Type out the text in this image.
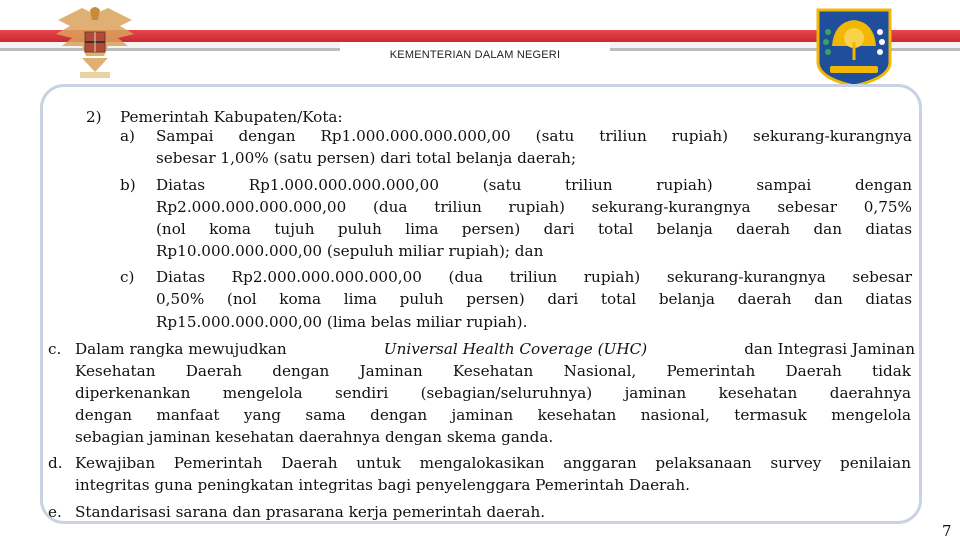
KEMENTERIAN DALAM NEGERI
2) Pemerintah Kabupaten/Kota:
a) Sampai dengan Rp1.000.000.000.000,00 (satu triliun rupiah) sekurang-kurangnya
sebesar 1,00% (satu persen) dari total belanja daerah;
b) Diatas Rp1.000.000.000.000,00 (satu triliun rupiah) sampai dengan
Rp2.000.000.000.000,00 (dua triliun rupiah) sekurang-kurangnya sebesar 0,75%
(nol koma tujuh puluh lima persen) dari total belanja daerah dan diatas
Rp10.000.000.000,00 (sepuluh miliar rupiah); dan
c) Diatas Rp2.000.000.000.000,00 (dua triliun rupiah) sekurang-kurangnya sebesar
0,50% (nol koma lima puluh persen) dari total belanja daerah dan diatas
Rp15.000.000.000,00 (lima belas miliar rupiah).
c. Dalam rangka mewujudkan	Universal Health Coverage (UHC)	dan Integrasi Jaminan
Kesehatan Daerah dengan Jaminan Kesehatan Nasional, Pemerintah Daerah tidak
diperkenankan mengelola sendiri (sebagian/seluruhnya) jaminan kesehatan daerahnya
dengan manfaat yang sama dengan jaminan kesehatan nasional, termasuk mengelola
sebagian jaminan kesehatan daerahnya dengan skema ganda.
d. Kewajiban Pemerintah Daerah untuk mengalokasikan anggaran pelaksanaan survey penilaian
integritas guna peningkatan integritas bagi penyelenggara Pemerintah Daerah.
e. Standarisasi sarana dan prasarana kerja pemerintah daerah.
7
